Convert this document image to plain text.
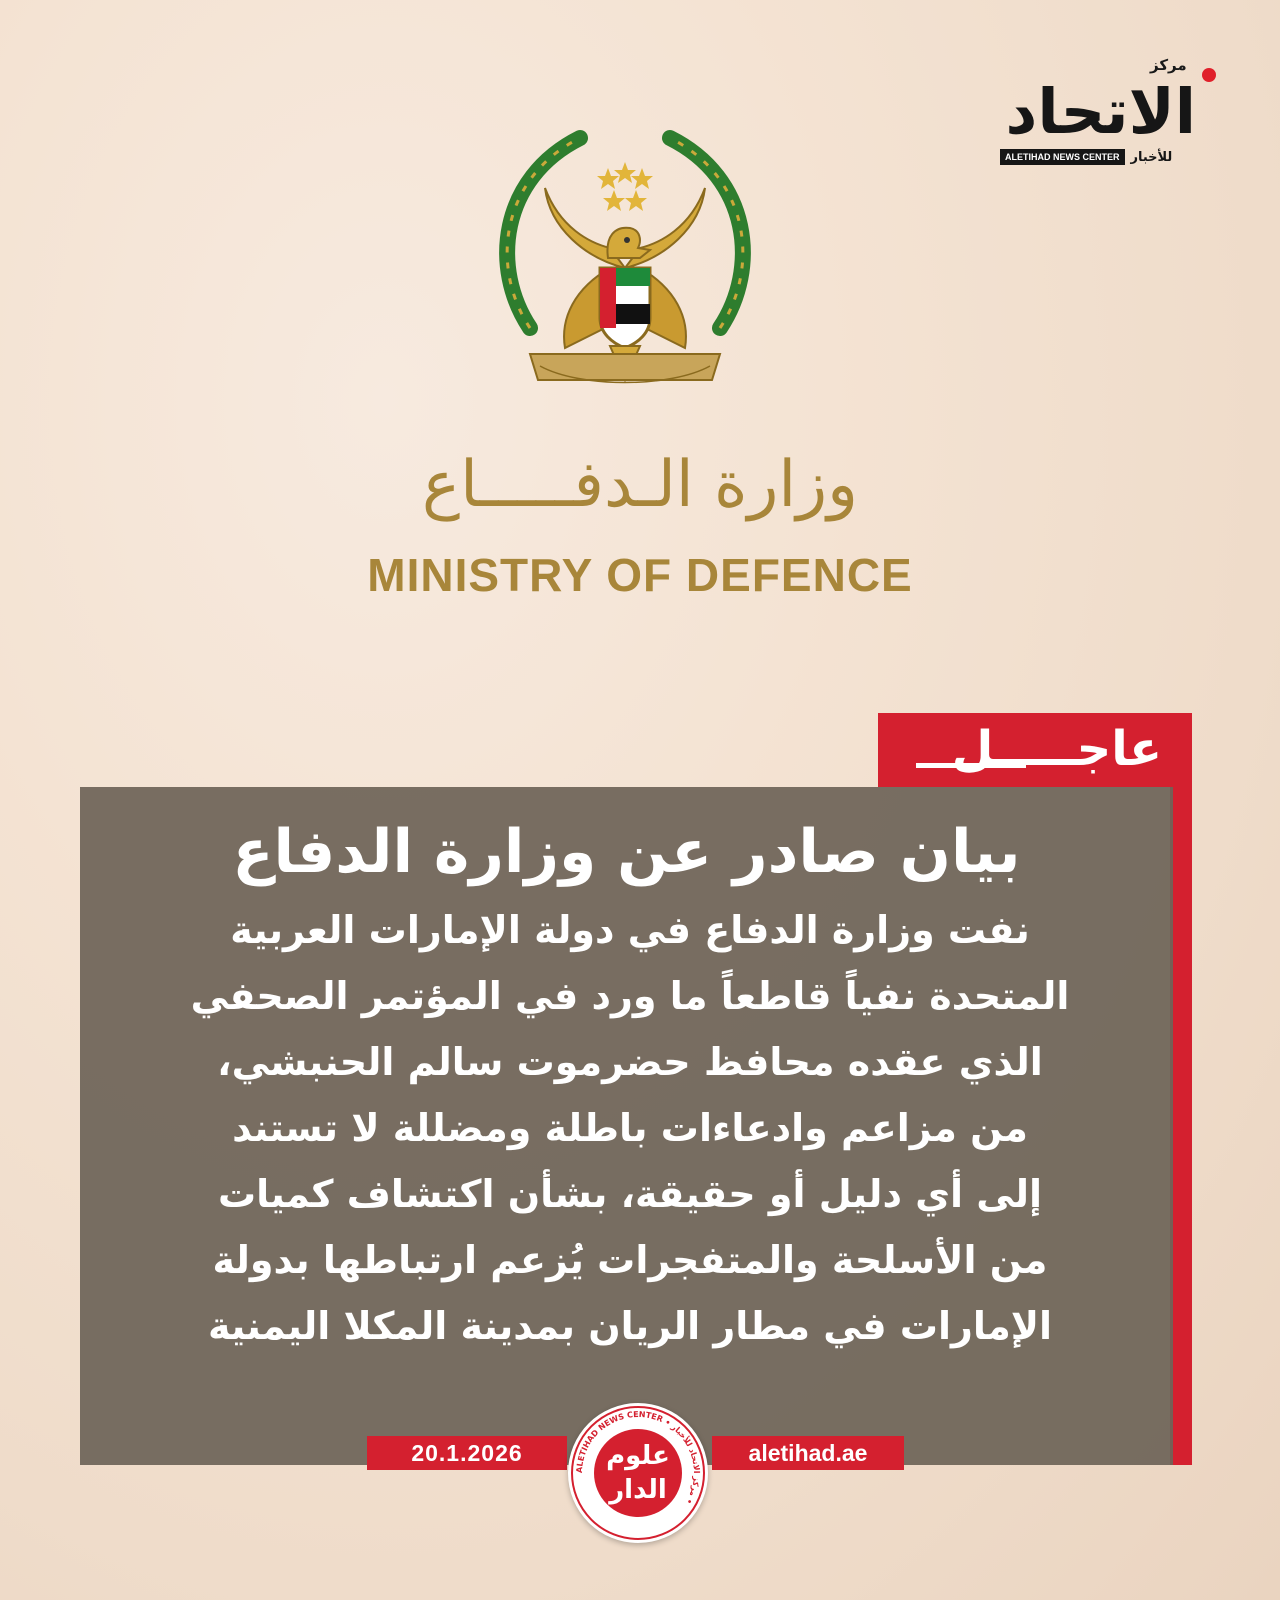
مركز
الاتحاد
ALETIHAD NEWS CENTER للأخبار
وزارة الـدفـــــاع
MINISTRY OF DEFENCE
عاجـــــل
بيان صادر عن وزارة الدفاع
نفت وزارة الدفاع في دولة الإمارات العربية
المتحدة نفياً قاطعاً ما ورد في المؤتمر الصحفي
الذي عقده محافظ حضرموت سالم الحنبشي،
من مزاعم وادعاءات باطلة ومضللة لا تستند
إلى أي دليل أو حقيقة، بشأن اكتشاف كميات
من الأسلحة والمتفجرات يُزعم ارتباطها بدولة
الإمارات في مطار الريان بمدينة المكلا اليمنية
20.1.2026	aletihad.ae
ALETIHAD NEWS CENTER • مركز الاتحاد للأخبار •
علوم
الدار
